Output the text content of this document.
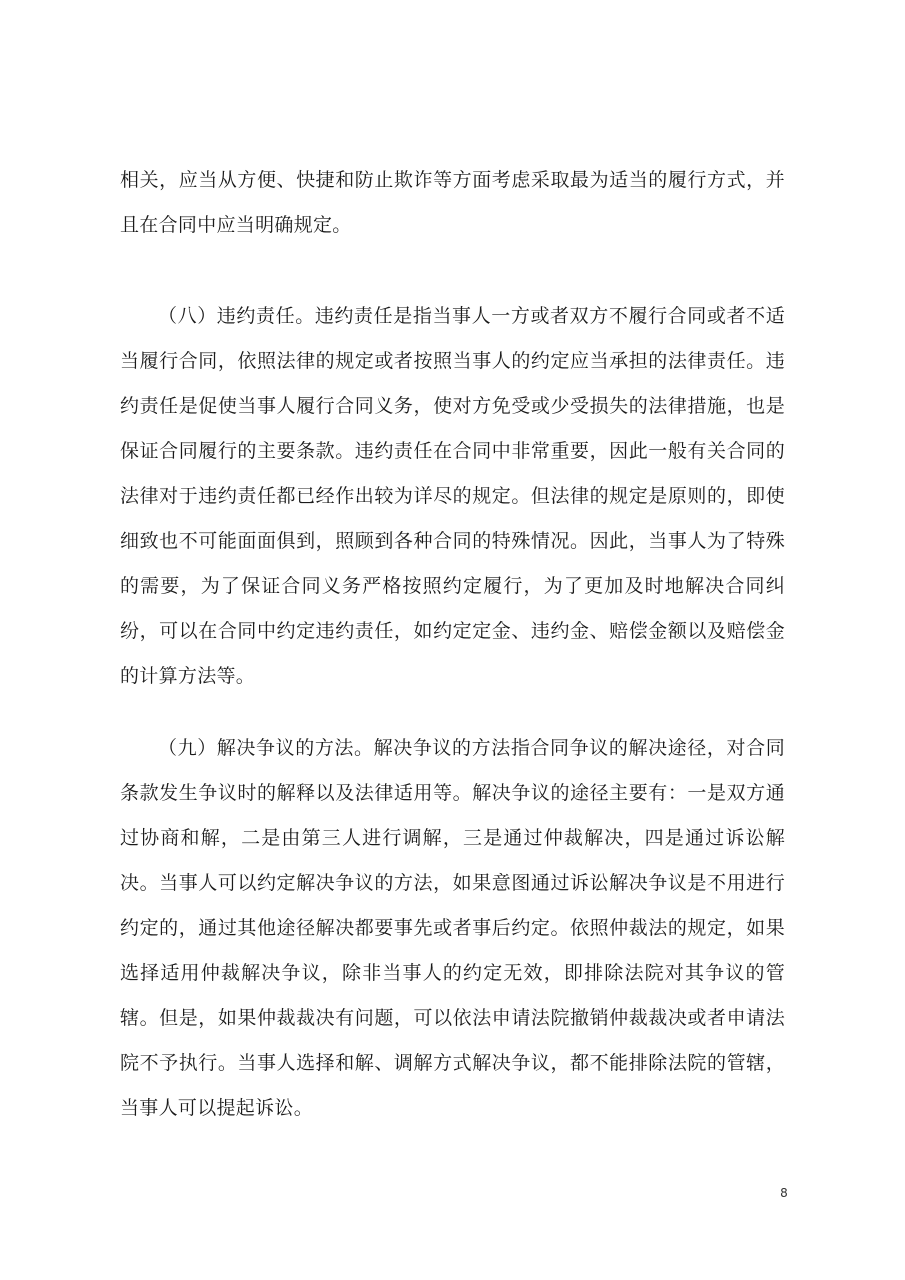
相关，应当从方便、快捷和防止欺诈等方面考虑采取最为适当的履行方式，并且在合同中应当明确规定。

（八）违约责任。违约责任是指当事人一方或者双方不履行合同或者不适当履行合同，依照法律的规定或者按照当事人的约定应当承担的法律责任。违约责任是促使当事人履行合同义务，使对方免受或少受损失的法律措施，也是保证合同履行的主要条款。违约责任在合同中非常重要，因此一般有关合同的法律对于违约责任都已经作出较为详尽的规定。但法律的规定是原则的，即使细致也不可能面面俱到，照顾到各种合同的特殊情况。因此，当事人为了特殊的需要，为了保证合同义务严格按照约定履行，为了更加及时地解决合同纠纷，可以在合同中约定违约责任，如约定定金、违约金、赔偿金额以及赔偿金的计算方法等。

（九）解决争议的方法。解决争议的方法指合同争议的解决途径，对合同条款发生争议时的解释以及法律适用等。解决争议的途径主要有：一是双方通过协商和解，二是由第三人进行调解，三是通过仲裁解决，四是通过诉讼解决。当事人可以约定解决争议的方法，如果意图通过诉讼解决争议是不用进行约定的，通过其他途径解决都要事先或者事后约定。依照仲裁法的规定，如果选择适用仲裁解决争议，除非当事人的约定无效，即排除法院对其争议的管辖。但是，如果仲裁裁决有问题，可以依法申请法院撤销仲裁裁决或者申请法院不予执行。当事人选择和解、调解方式解决争议，都不能排除法院的管辖，当事人可以提起诉讼。

8
